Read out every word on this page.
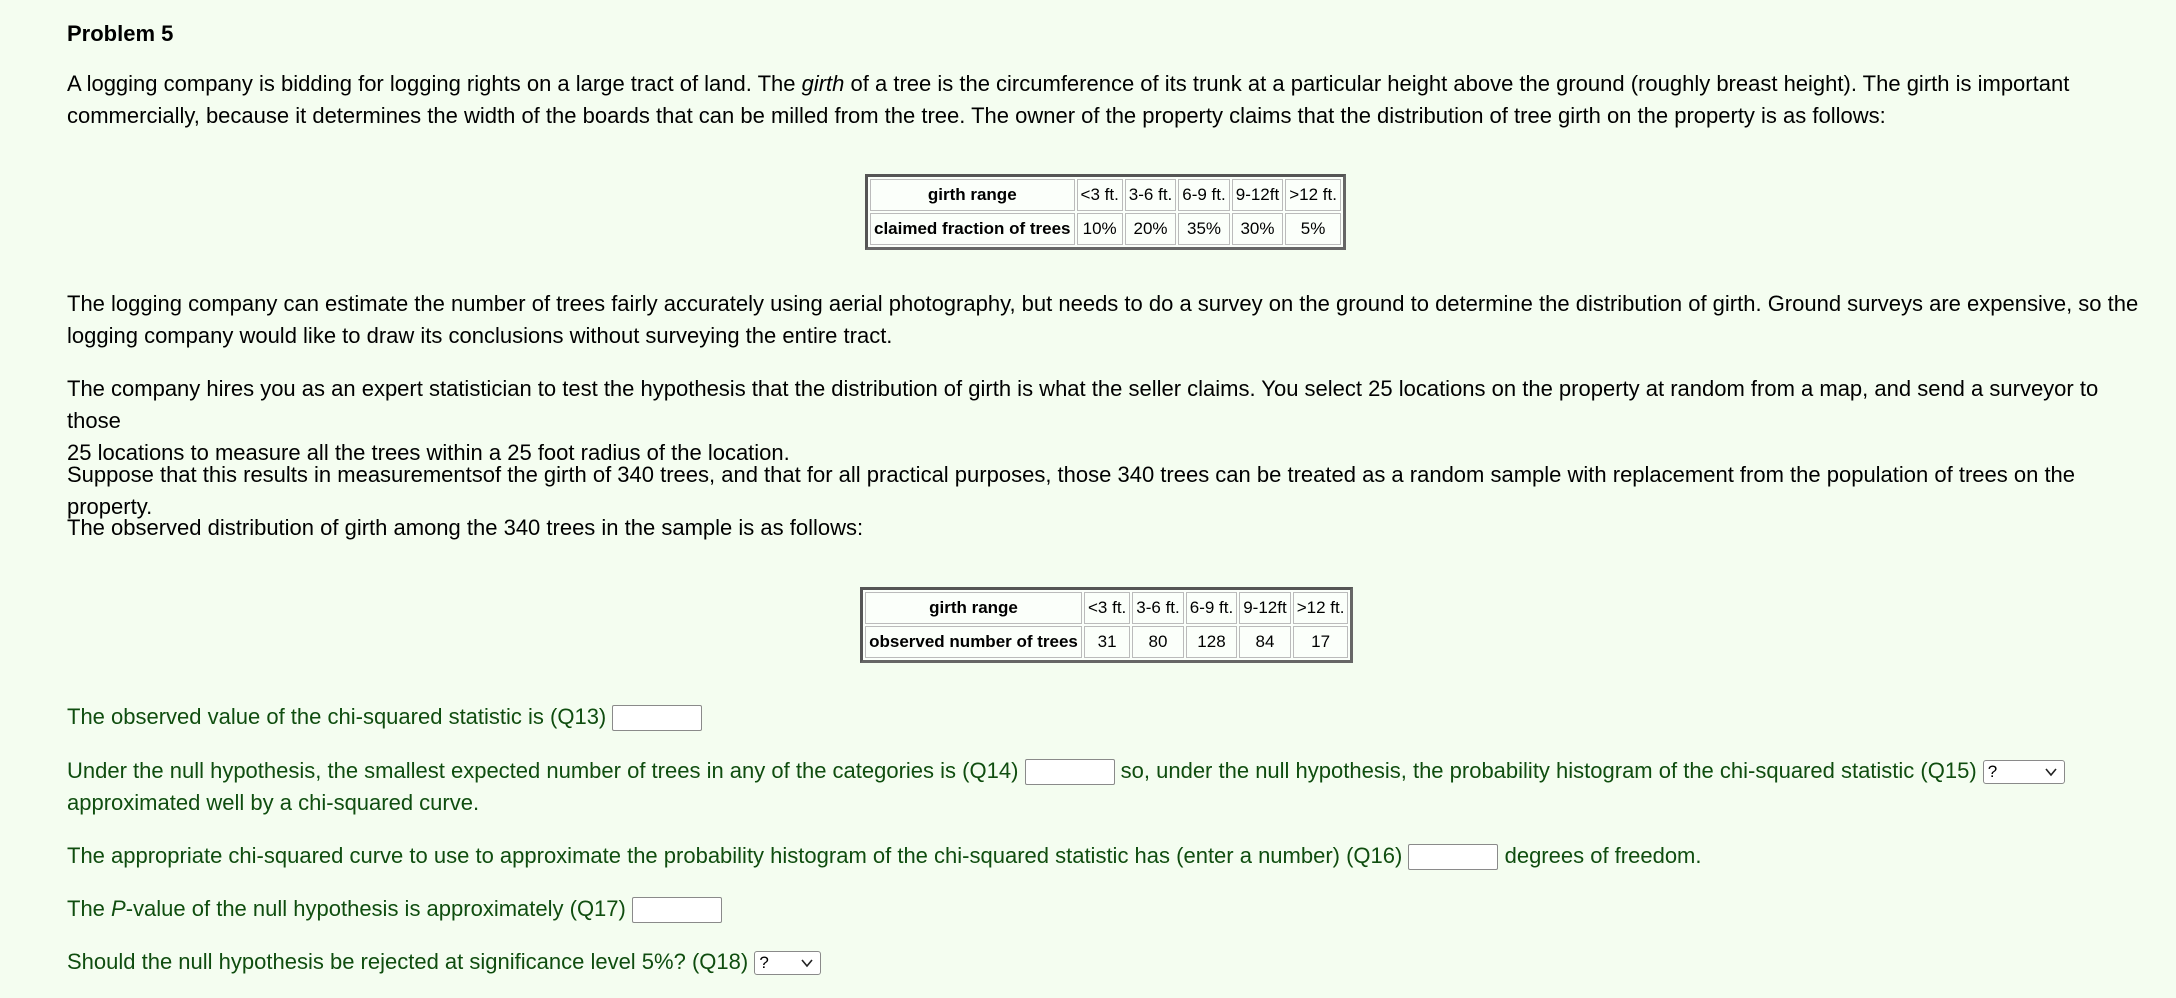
Problem 5

A logging company is bidding for logging rights on a large tract of land. The girth of a tree is the circumference of its trunk at a particular height above the ground (roughly breast height). The girth is important
commercially, because it determines the width of the boards that can be milled from the tree. The owner of the property claims that the distribution of tree girth on the property is as follows:

girth range	<3 ft.	3-6 ft.	6-9 ft.	9-12ft	>12 ft.
claimed fraction of trees	10%	20%	35%	30%	5%

The logging company can estimate the number of trees fairly accurately using aerial photography, but needs to do a survey on the ground to determine the distribution of girth. Ground surveys are expensive, so the
logging company would like to draw its conclusions without surveying the entire tract.

The company hires you as an expert statistician to test the hypothesis that the distribution of girth is what the seller claims. You select 25 locations on the property at random from a map, and send a surveyor to those
25 locations to measure all the trees within a 25 foot radius of the location.

Suppose that this results in measurementsof the girth of 340 trees, and that for all practical purposes, those 340 trees can be treated as a random sample with replacement from the population of trees on the property.

The observed distribution of girth among the 340 trees in the sample is as follows:

girth range	<3 ft.	3-6 ft.	6-9 ft.	9-12ft	>12 ft.
observed number of trees	31	80	128	84	17
The observed value of the chi-squared statistic is (Q13)
Under the null hypothesis, the smallest expected number of trees in any of the categories is (Q14)	so, under the null hypothesis, the probability histogram of the chi-squared statistic (Q15) ?
approximated well by a chi-squared curve.
The appropriate chi-squared curve to use to approximate the probability histogram of the chi-squared statistic has (enter a number) (Q16)	degrees of freedom.
The P-value of the null hypothesis is approximately (Q17)
Should the null hypothesis be rejected at significance level 5%? (Q18) ?
